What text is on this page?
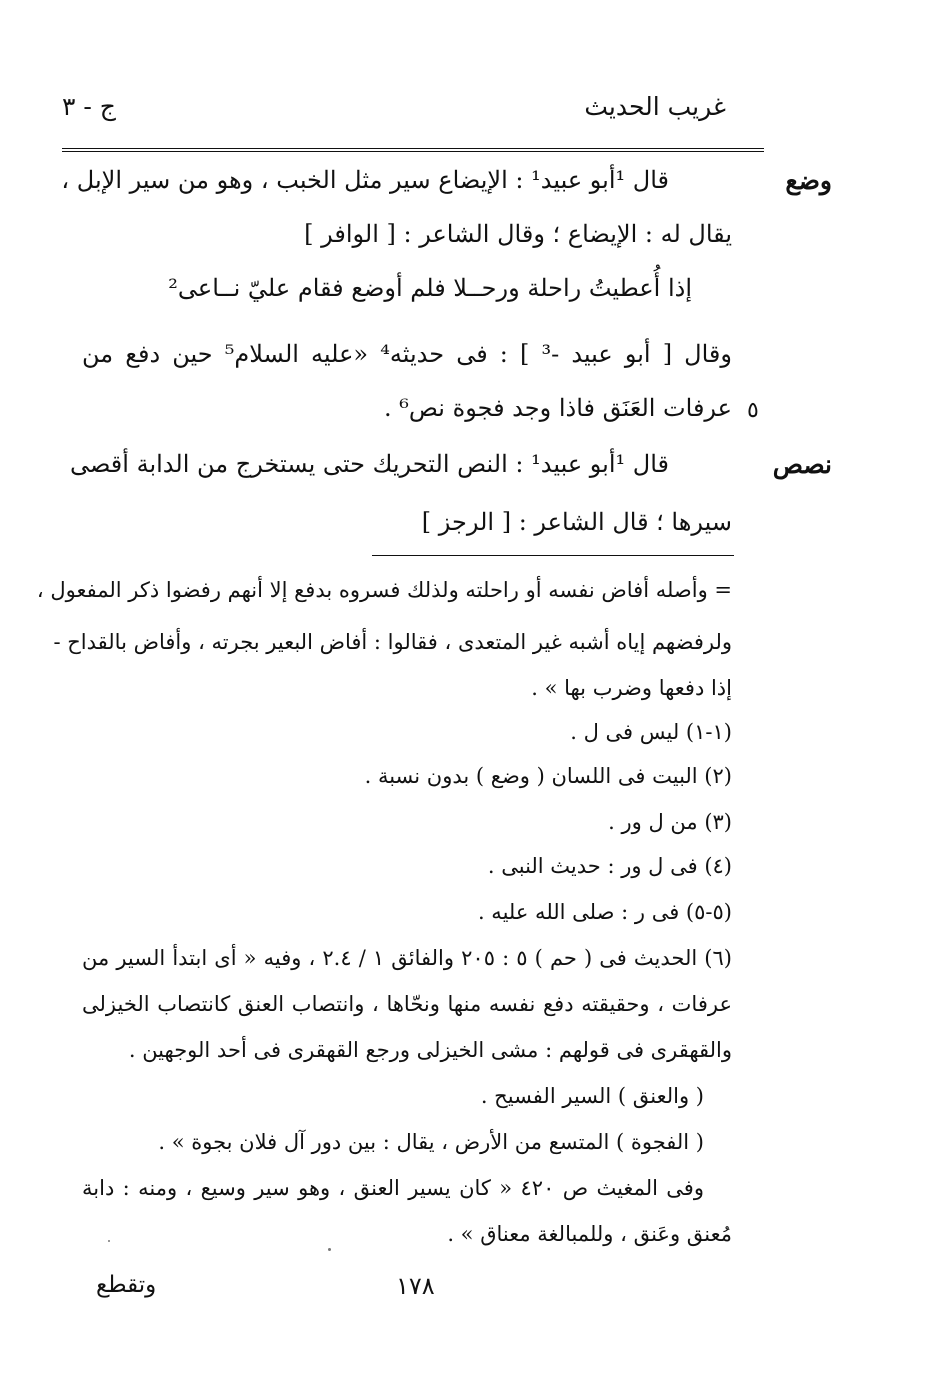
غريب الحديث
ج - ٣
وضع
قال ¹أبو عبيد¹ : الإيضاع سير مثل الخبب ، وهو من سير الإبل ،
يقال له : الإيضاع ؛ وقال الشاعر : [ الوافر ]
إذا أُعطيتُ راحلة ورحــلا فلم أوضع فقام عليّ نــاعى²
وقال [ أبو عبيد -³ ] : فى حديثه⁴ «عليه السلام⁵ حين دفع من
عرفات العَنَق فاذا وجد فجوة نص⁶ . ٥
نصص
قال ¹أبو عبيد¹ : النص التحريك حتى يستخرج من الدابة أقصى
سيرها ؛ قال الشاعر : [ الرجز ]
= وأصله أفاض نفسه أو راحلته ولذلك فسروه بدفع إلا أنهم رفضوا ذكر المفعول ،
ولرفضهم إياه أشبه غير المتعدى ، فقالوا : أفاض البعير بجرته ، وأفاض بالقداح -
إذا دفعها وضرب بها » .
(١-١) ليس فى ل .
(٢) البيت فى اللسان ( وضع ) بدون نسبة .
(٣) من ل ور .
(٤) فى ل ور : حديث النبى .
(٥-٥) فى ر : صلى الله عليه .
(٦) الحديث فى ( حم ) ٥ : ٢٠٥ والفائق ١ / ٢.٤ ، وفيه « أى ابتدأ السير من
عرفات ، وحقيقته دفع نفسه منها ونحّاها ، وانتصاب العنق كانتصاب الخيزلى
والقهقرى فى قولهم : مشى الخيزلى ورجع القهقرى فى أحد الوجهين .
( والعنق ) السير الفسيح .
( الفجوة ) المتسع من الأرض ، يقال : بين دور آل فلان بجوة » .
وفى المغيث ص ٤٢٠ « كان يسير العنق ، وهو سير وسيع ، ومنه : دابة
مُعنق وعَنق ، وللمبالغة معناق » .
١٧٨
وتقطع
